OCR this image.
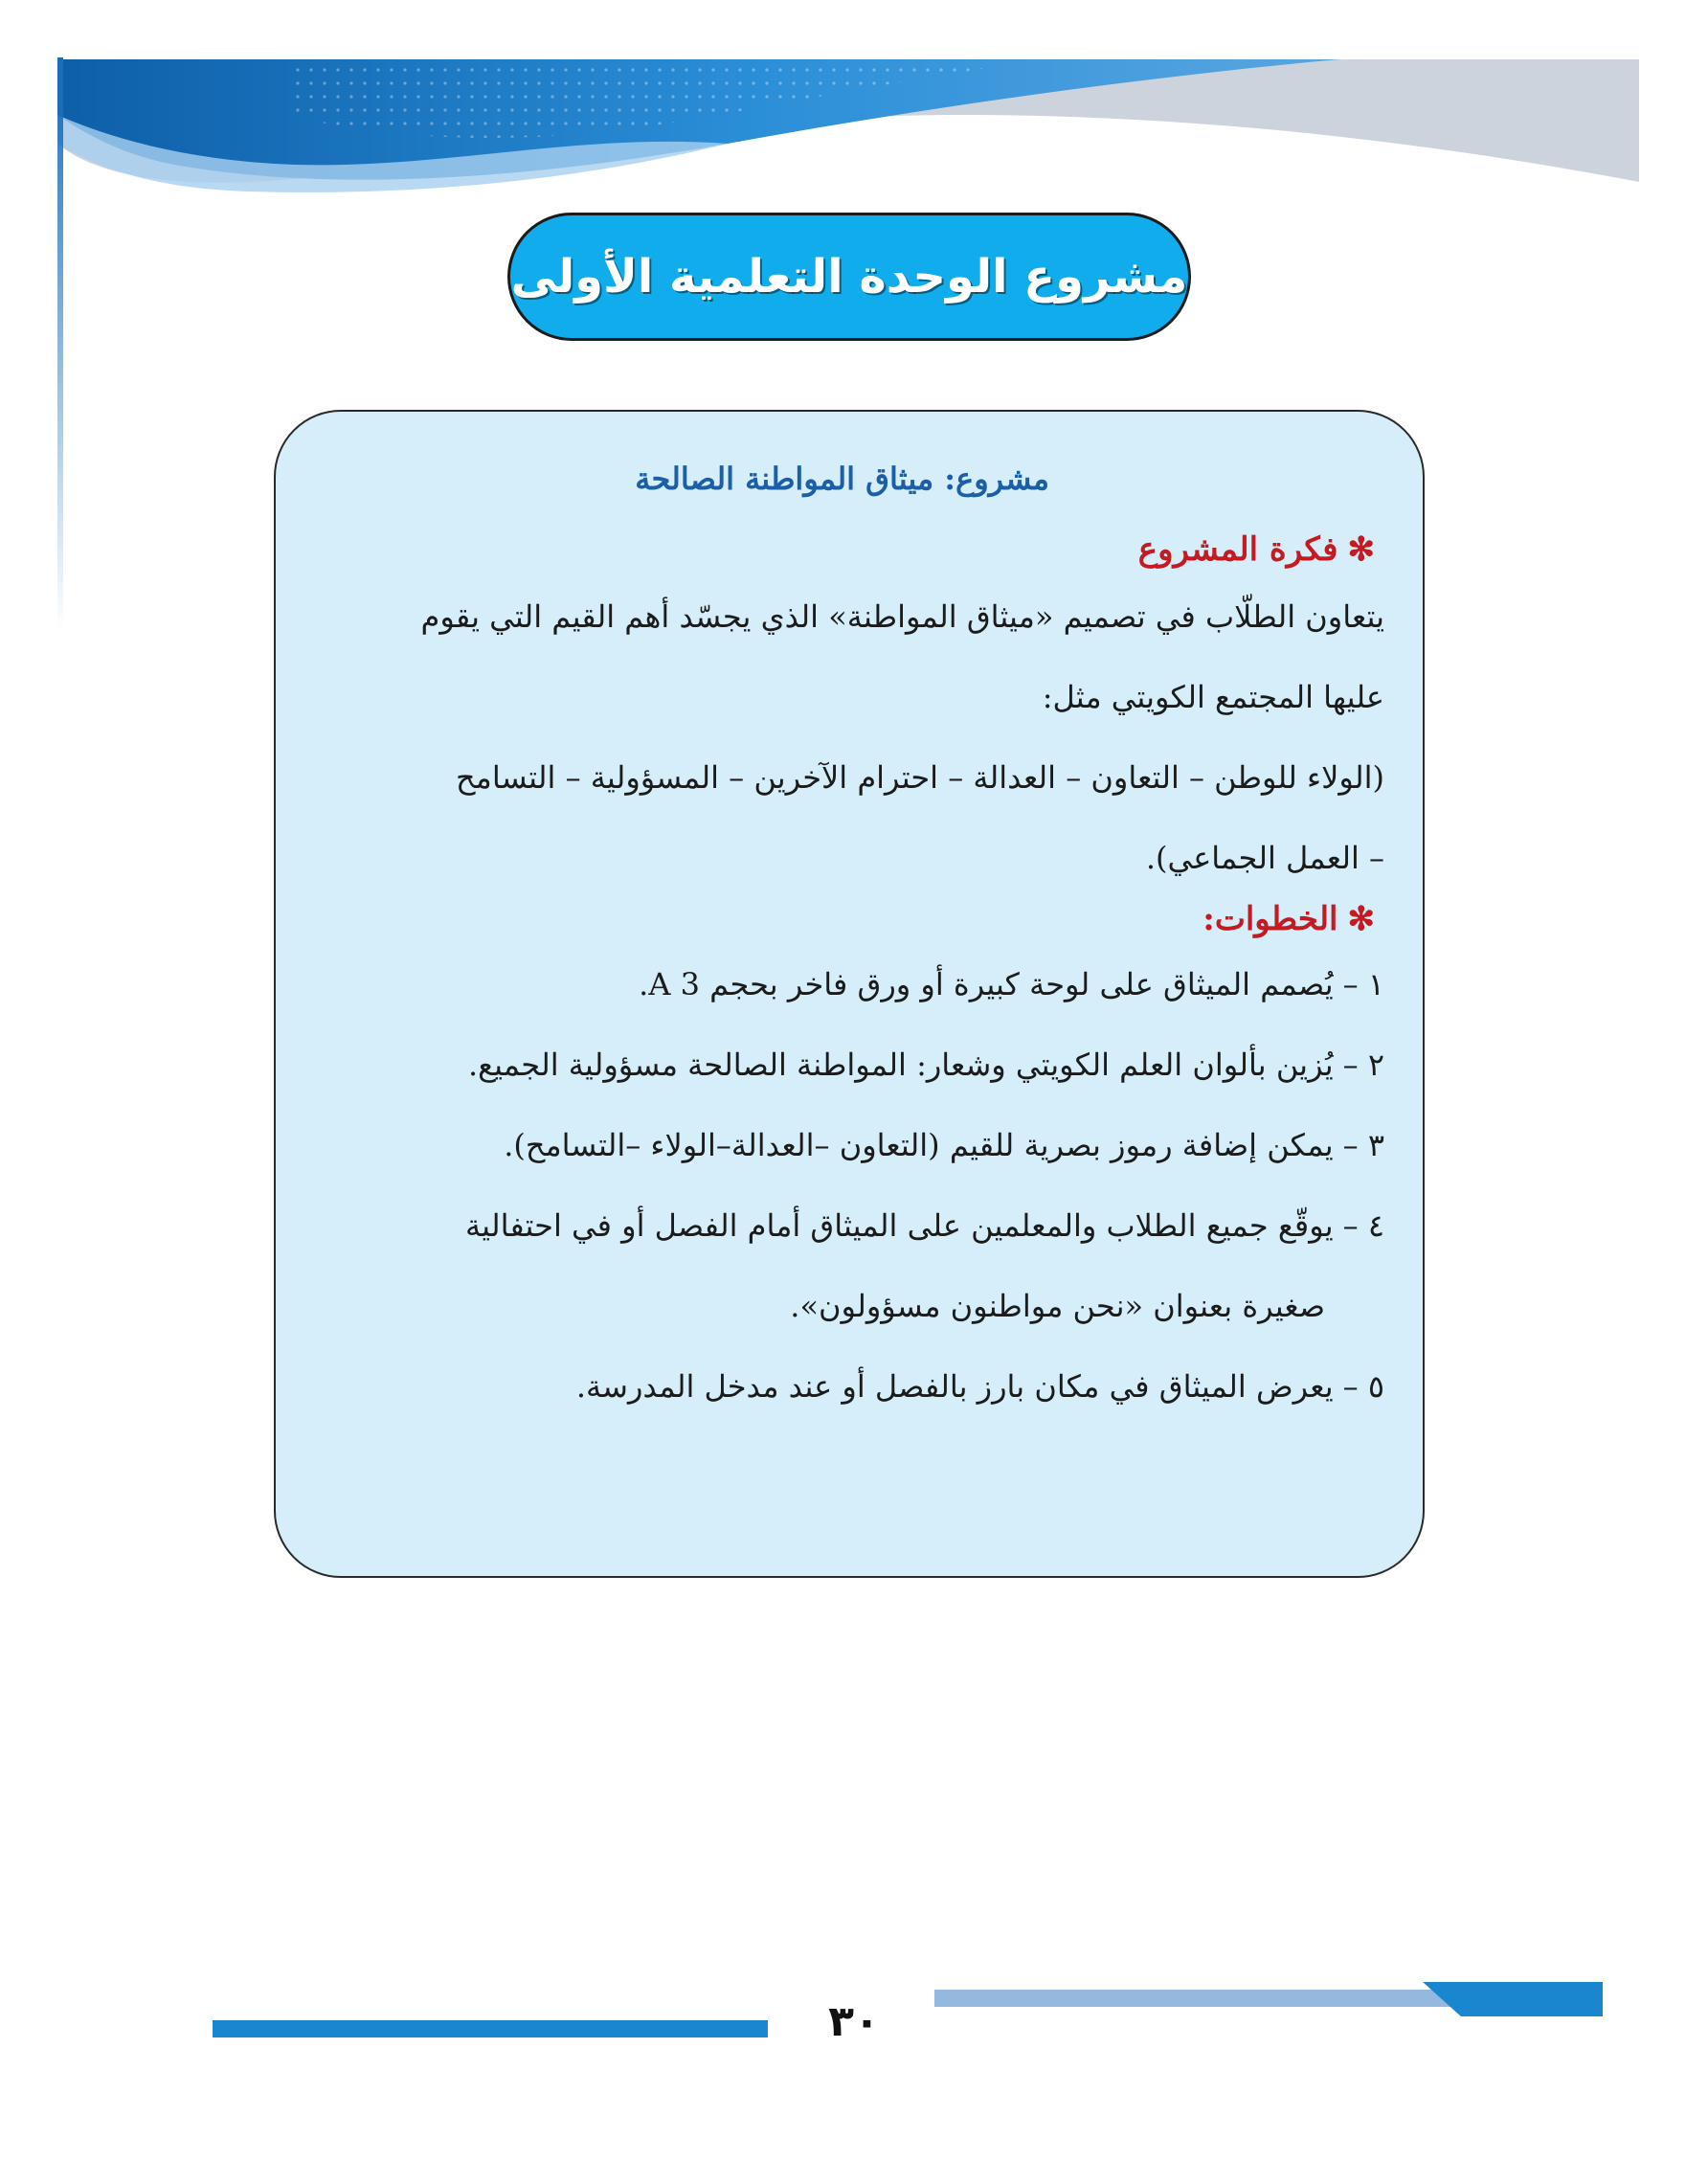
مشروع الوحدة التعلمية الأولى
مشروع: ميثاق المواطنة الصالحة
✻فكرة المشروع
يتعاون الطلّاب في تصميم «ميثاق المواطنة» الذي يجسّد أهم القيم التي يقوم
عليها المجتمع الكويتي مثل:
(الولاء للوطن – التعاون – العدالة – احترام الآخرين – المسؤولية – التسامح
– العمل الجماعي).
✻الخطوات:
١ –يُصمم الميثاق على لوحة كبيرة أو ورق فاخر بحجم A 3.
٢ –يُزين بألوان العلم الكويتي وشعار: المواطنة الصالحة مسؤولية الجميع.
٣ –يمكن إضافة رموز بصرية للقيم (التعاون –العدالة–الولاء –التسامح).
٤ –يوقّع جميع الطلاب والمعلمين على الميثاق أمام الفصل أو في احتفالية
صغيرة بعنوان «نحن مواطنون مسؤولون».
٥ –يعرض الميثاق في مكان بارز بالفصل أو عند مدخل المدرسة.
٣٠
